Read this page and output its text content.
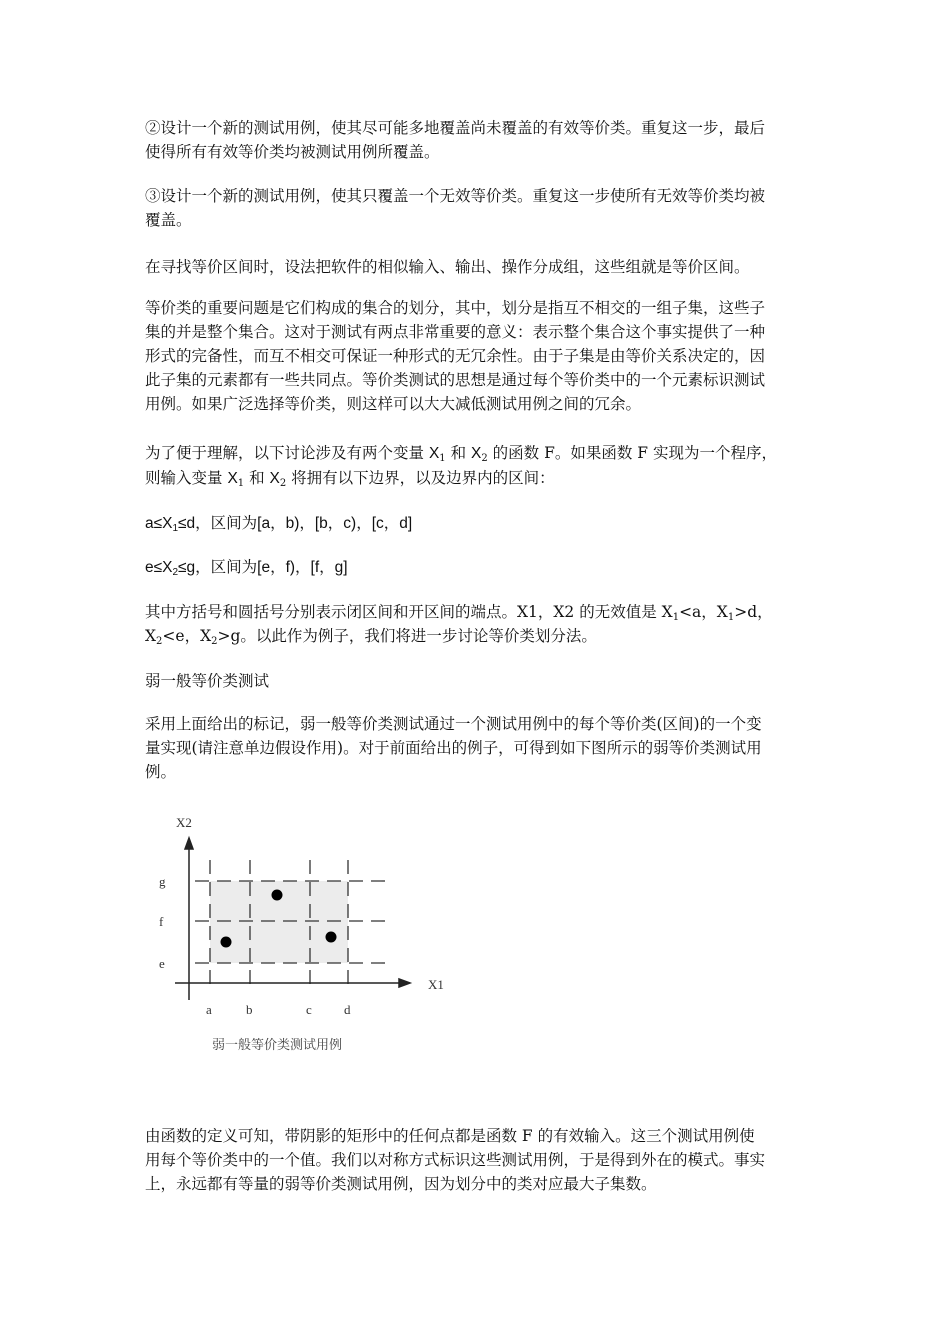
②设计一个新的测试用例，使其尽可能多地覆盖尚未覆盖的有效等价类。重复这一步，最后
使得所有有效等价类均被测试用例所覆盖。

③设计一个新的测试用例，使其只覆盖一个无效等价类。重复这一步使所有无效等价类均被
覆盖。

在寻找等价区间时，设法把软件的相似输入、输出、操作分成组，这些组就是等价区间。

等价类的重要问题是它们构成的集合的划分，其中，划分是指互不相交的一组子集，这些子
集的并是整个集合。这对于测试有两点非常重要的意义：表示整个集合这个事实提供了一种
形式的完备性，而互不相交可保证一种形式的无冗余性。由于子集是由等价关系决定的，因
此子集的元素都有一些共同点。等价类测试的思想是通过每个等价类中的一个元素标识测试
用例。如果广泛选择等价类，则这样可以大大减低测试用例之间的冗余。

为了便于理解，以下讨论涉及有两个变量 $X_1$ 和 $X_2$ 的函数 F。如果函数 F 实现为一个程序，
则输入变量 $X_1$ 和 $X_2$ 将拥有以下边界，以及边界内的区间：

$a\le X_1\le d$，区间为[a，b)，[b，c)，[c，d]

$e\le X_2\le g$，区间为[e，f)，[f，g]

其中方括号和圆括号分别表示闭区间和开区间的端点。X1，X2 的无效值是 $X_1<a$，$X_1>d$，
$X_2<e$，$X_2>g$。以此作为例子，我们将进一步讨论等价类划分法。

弱一般等价类测试

采用上面给出的标记，弱一般等价类测试通过一个测试用例中的每个等价类(区间)的一个变
量实现(请注意单边假设作用)。对于前面给出的例子，可得到如下图所示的弱等价类测试用
例。

X2
X1
g
f
e
a	b	c d
弱一般等价类测试用例

由函数的定义可知，带阴影的矩形中的任何点都是函数 F 的有效输入。这三个测试用例使
用每个等价类中的一个值。我们以对称方式标识这些测试用例，于是得到外在的模式。事实
上，永远都有等量的弱等价类测试用例，因为划分中的类对应最大子集数。
